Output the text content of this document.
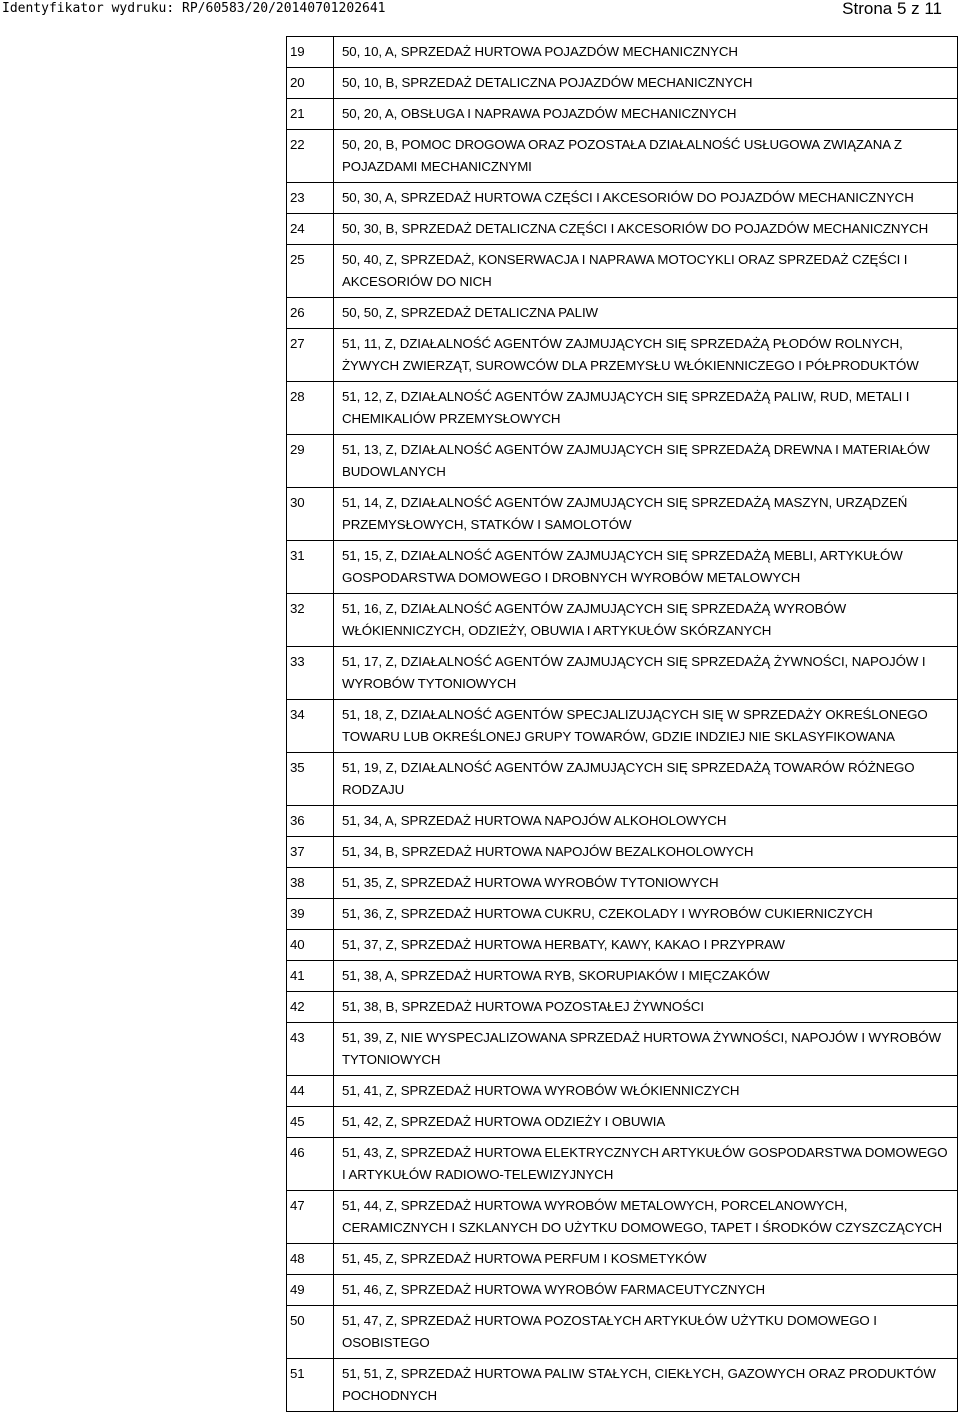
Identyfikator wydruku: RP/60583/20/20140701202641	Strona 5 z 11
19	50, 10, A, SPRZEDAŻ HURTOWA POJAZDÓW MECHANICZNYCH
20	50, 10, B, SPRZEDAŻ DETALICZNA POJAZDÓW MECHANICZNYCH
21	50, 20, A, OBSŁUGA I NAPRAWA POJAZDÓW MECHANICZNYCH
22	50, 20, B, POMOC DROGOWA ORAZ POZOSTAŁA DZIAŁALNOŚĆ USŁUGOWA ZWIĄZANA Z POJAZDAMI MECHANICZNYMI
23	50, 30, A, SPRZEDAŻ HURTOWA CZĘŚCI I AKCESORIÓW DO POJAZDÓW MECHANICZNYCH
24	50, 30, B, SPRZEDAŻ DETALICZNA CZĘŚCI I AKCESORIÓW DO POJAZDÓW MECHANICZNYCH
25	50, 40, Z, SPRZEDAŻ, KONSERWACJA I NAPRAWA MOTOCYKLI ORAZ SPRZEDAŻ CZĘŚCI I AKCESORIÓW DO NICH
26	50, 50, Z, SPRZEDAŻ DETALICZNA PALIW
27	51, 11, Z, DZIAŁALNOŚĆ AGENTÓW ZAJMUJĄCYCH SIĘ SPRZEDAŻĄ PŁODÓW ROLNYCH, ŻYWYCH ZWIERZĄT, SUROWCÓW DLA PRZEMYSŁU WŁÓKIENNICZEGO I PÓŁPRODUKTÓW
28	51, 12, Z, DZIAŁALNOŚĆ AGENTÓW ZAJMUJĄCYCH SIĘ SPRZEDAŻĄ PALIW, RUD, METALI I CHEMIKALIÓW PRZEMYSŁOWYCH
29	51, 13, Z, DZIAŁALNOŚĆ AGENTÓW ZAJMUJĄCYCH SIĘ SPRZEDAŻĄ DREWNA I MATERIAŁÓW BUDOWLANYCH
30	51, 14, Z, DZIAŁALNOŚĆ AGENTÓW ZAJMUJĄCYCH SIĘ SPRZEDAŻĄ MASZYN, URZĄDZEŃ PRZEMYSŁOWYCH, STATKÓW I SAMOLOTÓW
31	51, 15, Z, DZIAŁALNOŚĆ AGENTÓW ZAJMUJĄCYCH SIĘ SPRZEDAŻĄ MEBLI, ARTYKUŁÓW GOSPODARSTWA DOMOWEGO I DROBNYCH WYROBÓW METALOWYCH
32	51, 16, Z, DZIAŁALNOŚĆ AGENTÓW ZAJMUJĄCYCH SIĘ SPRZEDAŻĄ WYROBÓW WŁÓKIENNICZYCH, ODZIEŻY, OBUWIA I ARTYKUŁÓW SKÓRZANYCH
33	51, 17, Z, DZIAŁALNOŚĆ AGENTÓW ZAJMUJĄCYCH SIĘ SPRZEDAŻĄ ŻYWNOŚCI, NAPOJÓW I WYROBÓW TYTONIOWYCH
34	51, 18, Z, DZIAŁALNOŚĆ AGENTÓW SPECJALIZUJĄCYCH SIĘ W SPRZEDAŻY OKREŚLONEGO TOWARU LUB OKREŚLONEJ GRUPY TOWARÓW, GDZIE INDZIEJ NIE SKLASYFIKOWANA
35	51, 19, Z, DZIAŁALNOŚĆ AGENTÓW ZAJMUJĄCYCH SIĘ SPRZEDAŻĄ TOWARÓW RÓŻNEGO RODZAJU
36	51, 34, A, SPRZEDAŻ HURTOWA NAPOJÓW ALKOHOLOWYCH
37	51, 34, B, SPRZEDAŻ HURTOWA NAPOJÓW BEZALKOHOLOWYCH
38	51, 35, Z, SPRZEDAŻ HURTOWA WYROBÓW TYTONIOWYCH
39	51, 36, Z, SPRZEDAŻ HURTOWA CUKRU, CZEKOLADY I WYROBÓW CUKIERNICZYCH
40	51, 37, Z, SPRZEDAŻ HURTOWA HERBATY, KAWY, KAKAO I PRZYPRAW
41	51, 38, A, SPRZEDAŻ HURTOWA RYB, SKORUPIAKÓW I MIĘCZAKÓW
42	51, 38, B, SPRZEDAŻ HURTOWA POZOSTAŁEJ ŻYWNOŚCI
43	51, 39, Z, NIE WYSPECJALIZOWANA SPRZEDAŻ HURTOWA ŻYWNOŚCI, NAPOJÓW I WYROBÓW TYTONIOWYCH
44	51, 41, Z, SPRZEDAŻ HURTOWA WYROBÓW WŁÓKIENNICZYCH
45	51, 42, Z, SPRZEDAŻ HURTOWA ODZIEŻY I OBUWIA
46	51, 43, Z, SPRZEDAŻ HURTOWA ELEKTRYCZNYCH ARTYKUŁÓW GOSPODARSTWA DOMOWEGO I ARTYKUŁÓW RADIOWO-TELEWIZYJNYCH
47	51, 44, Z, SPRZEDAŻ HURTOWA WYROBÓW METALOWYCH, PORCELANOWYCH, CERAMICZNYCH I SZKLANYCH DO UŻYTKU DOMOWEGO, TAPET I ŚRODKÓW CZYSZCZĄCYCH
48	51, 45, Z, SPRZEDAŻ HURTOWA PERFUM I KOSMETYKÓW
49	51, 46, Z, SPRZEDAŻ HURTOWA WYROBÓW FARMACEUTYCZNYCH
50	51, 47, Z, SPRZEDAŻ HURTOWA POZOSTAŁYCH ARTYKUŁÓW UŻYTKU DOMOWEGO I OSOBISTEGO
51	51, 51, Z, SPRZEDAŻ HURTOWA PALIW STAŁYCH, CIEKŁYCH, GAZOWYCH ORAZ PRODUKTÓW POCHODNYCH
